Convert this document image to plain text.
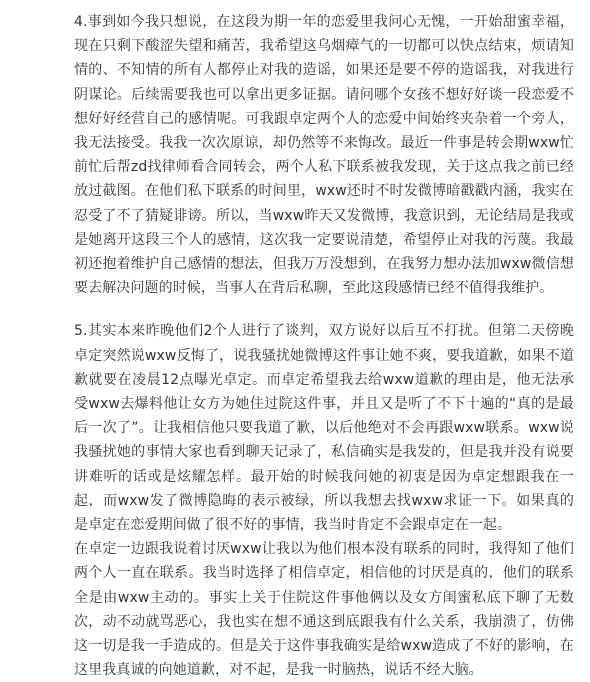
4.事到如今我只想说，在这段为期一年的恋爱里我问心无愧，一开始甜蜜幸福，现在只剩下酸涩失望和痛苦，我希望这乌烟瘴气的一切都可以快点结束，烦请知情的、不知情的所有人都停止对我的造谣，如果还是要不停的造谣我，对我进行阴谋论。后续需要我也可以拿出更多证据。请问哪个女孩不想好好谈一段恋爱不想好好经营自己的感情呢。可我跟卓定两个人的恋爱中间始终夹杂着一个旁人，我无法接受。我我一次次原谅，却仍然等不来悔改。最近一件事是转会期wxw忙前忙后帮zd找律师看合同转会，两个人私下联系被我发现，关于这点我之前已经放过截图。在他们私下联系的时间里，wxw还时不时发微博暗戳戳内涵，我实在忍受了不了猜疑诽谤。所以，当wxw昨天又发微博，我意识到，无论结局是我或是她离开这段三个人的感情，这次我一定要说清楚，希望停止对我的污蔑。我最初还抱着维护自己感情的想法，但我万万没想到，在我努力想办法加wxw微信想要去解决问题的时候，当事人在背后私聊，至此这段感情已经不值得我维护。

5.其实本来昨晚他们2个人进行了谈判，双方说好以后互不打扰。但第二天傍晚卓定突然说wxw反悔了，说我骚扰她微博这件事让她不爽，要我道歉，如果不道歉就要在凌晨12点曝光卓定。而卓定希望我去给wxw道歉的理由是，他无法承受wxw去爆料他让女方为她住过院这件事，并且又是听了不下十遍的“真的是最后一次了”。让我相信他只要我道了歉，以后他绝对不会再跟wxw联系。wxw说我骚扰她的事情大家也看到聊天记录了，私信确实是我发的，但是我并没有说要讲难听的话或是炫耀怎样。最开始的时候我问她的初衷是因为卓定想跟我在一起，而wxw发了微博隐晦的表示被绿，所以我想去找wxw求证一下。如果真的是卓定在恋爱期间做了很不好的事情，我当时肯定不会跟卓定在一起。
在卓定一边跟我说着讨厌wxw让我以为他们根本没有联系的同时，我得知了他们两个人一直在联系。我当时选择了相信卓定，相信他的讨厌是真的，他们的联系全是由wxw主动的。事实上关于住院这件事他俩以及女方闺蜜私底下聊了无数次，动不动就骂恶心，我也实在想不通这到底跟我有什么关系，我崩溃了，仿佛这一切是我一手造成的。但是关于这件事我确实是给wxw造成了不好的影响，在这里我真诚的向她道歉，对不起，是我一时脑热，说话不经大脑。
